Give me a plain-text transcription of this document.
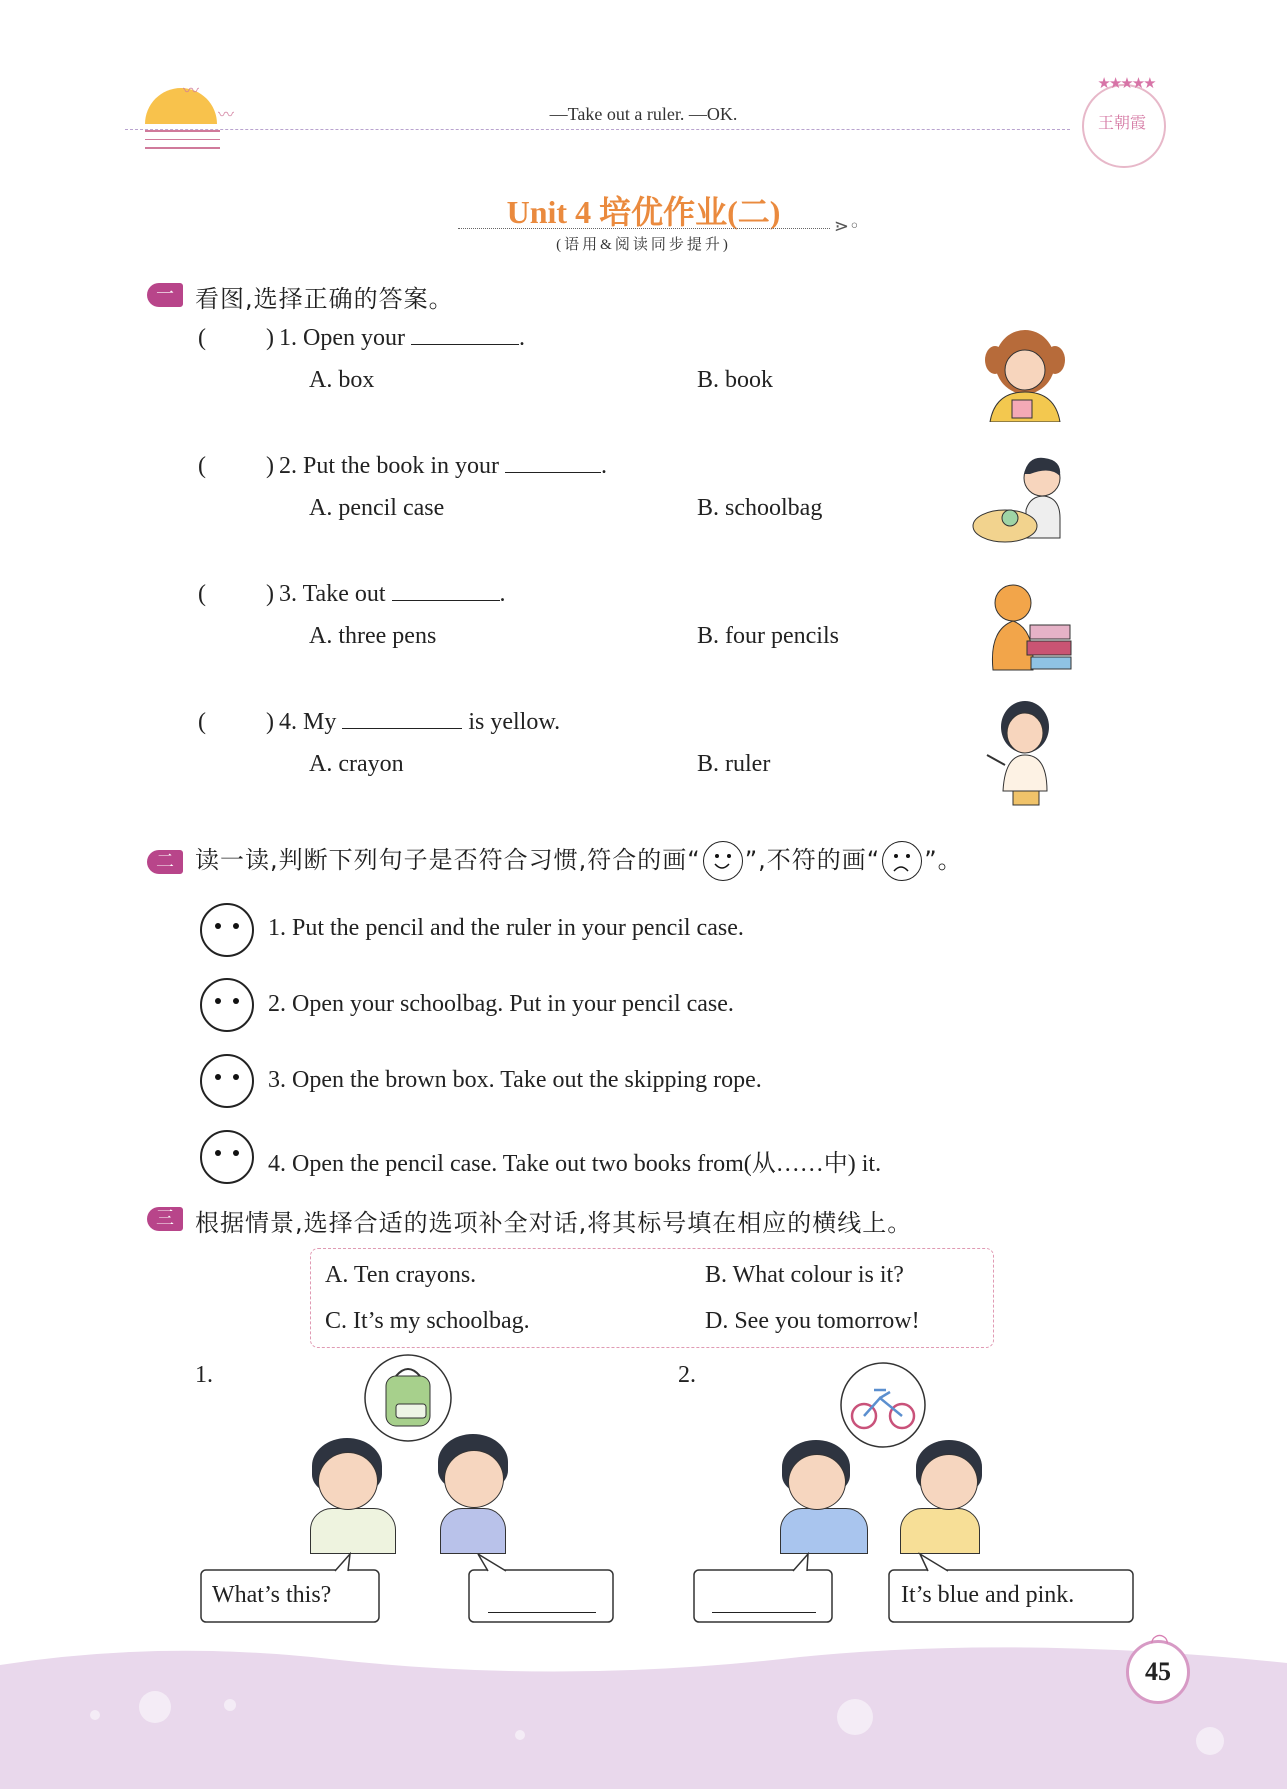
〰
〰	—Take out a ruler. —OK.
★★★★★
王朝霞
Unit 4 培优作业(二)	⋗◦
(语用&阅读同步提升)
一 看图,选择正确的答案。
(	) 1. Open your	.
A. box	B. book
(	) 2. Put the book in your	.
A. pencil case	B. schoolbag
(	) 3. Take out	.
A. three pens	B. four pencils
(	) 4. My	is yellow.
A. crayon	B. ruler
二 读一读,判断下列句子是否符合习惯,符合的画“ ”,不符的画“ ”。
1. Put the pencil and the ruler in your pencil case.
2. Open your schoolbag. Put in your pencil case.
3. Open the brown box. Take out the skipping rope.
4. Open the pencil case. Take out two books from(从……中) it.
三 根据情景,选择合适的选项补全对话,将其标号填在相应的横线上。
A. Ten crayons.	B. What colour is it?
C. It’s my schoolbag.	D. See you tomorrow!
1.
What’s this?
2.
It’s blue and pink.
45
◠
